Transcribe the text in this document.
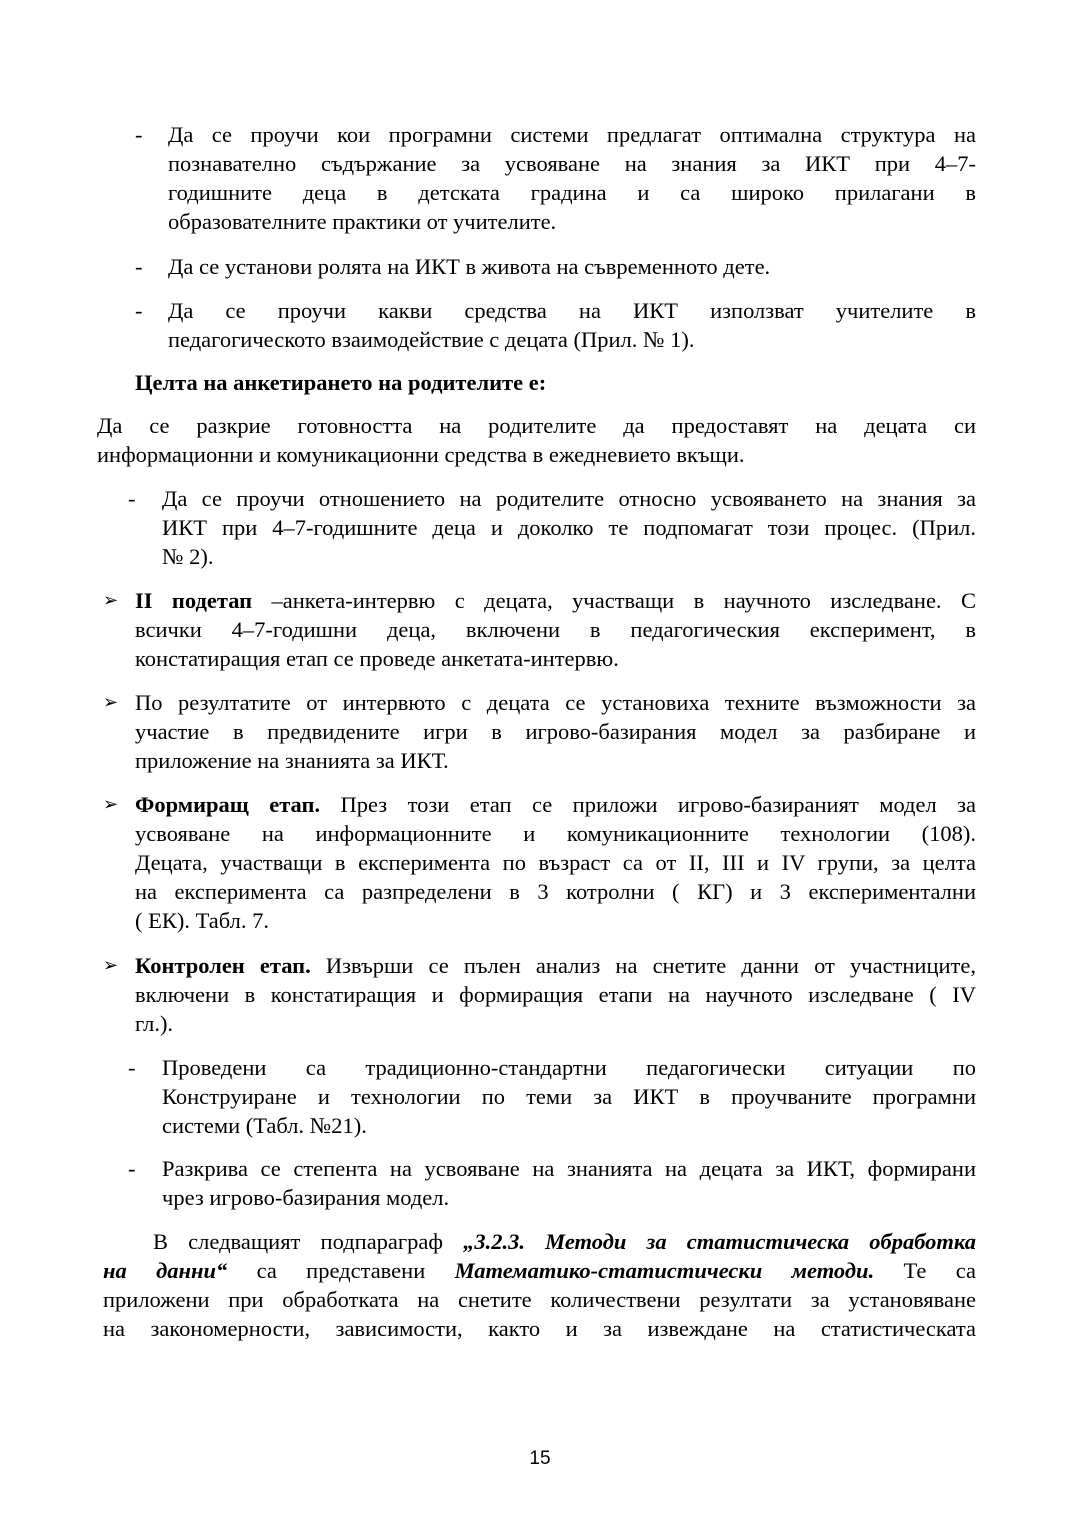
- Да се проучи кои програмни системи предлагат оптимална структура на
познавателно съдържание за усвояване на знания за ИКТ при 4–7-
годишните деца в детската градина и са широко прилагани в
образователните практики от учителите.
- Да се установи ролята на ИКТ в живота на съвременното дете.
- Да се проучи какви средства на ИКТ използват учителите в
педагогическото взаимодействие с децата (Прил. № 1).
Целта на анкетирането на родителите е:
Да се разкрие готовността на родителите да предоставят на децата си
информационни и комуникационни средства в ежедневието вкъщи.
- Да се проучи отношението на родителите относно усвояването на знания за
ИКТ при 4–7-годишните деца и доколко те подпомагат този процес. (Прил.
№ 2).
➢ II подетап –анкета-интервю с децата, участващи в научното изследване. С
всички 4–7-годишни деца, включени в педагогическия експеримент, в
констатиращия етап се проведе анкетата-интервю.
➢ По резултатите от интервюто с децата се установиха техните възможности за
участие в предвидените игри в игрово-базирания модел за разбиране и
приложение на знанията за ИКТ.
➢ Формиращ етап. През този етап се приложи игрово-базираният модел за
усвояване на информационните и комуникационните технологии (108).
Децата, участващи в експеримента по възраст са от II, III и IV групи, за целта
на експеримента са разпределени в 3 котролни ( КГ) и 3 експериментални
( ЕК). Табл. 7.
➢ Контролен етап. Извърши се пълен анализ на снетите данни от участниците,
включени в констатиращия и формиращия етапи на научното изследване ( IV
гл.).
- Проведени са традиционно-стандартни педагогически ситуации по
Конструиране и технологии по теми за ИКТ в проучваните програмни
системи (Табл. №21).
- Разкрива се степента на усвояване на знанията на децата за ИКТ, формирани
чрез игрово-базирания модел.
В следващият подпараграф „3.2.3. Методи за статистическа обработка
на данни“ са представени Математико-статистически методи. Те са
приложени при обработката на снетите количествени резултати за установяване
на закономерности, зависимости, както и за извеждане на статистическата
15
